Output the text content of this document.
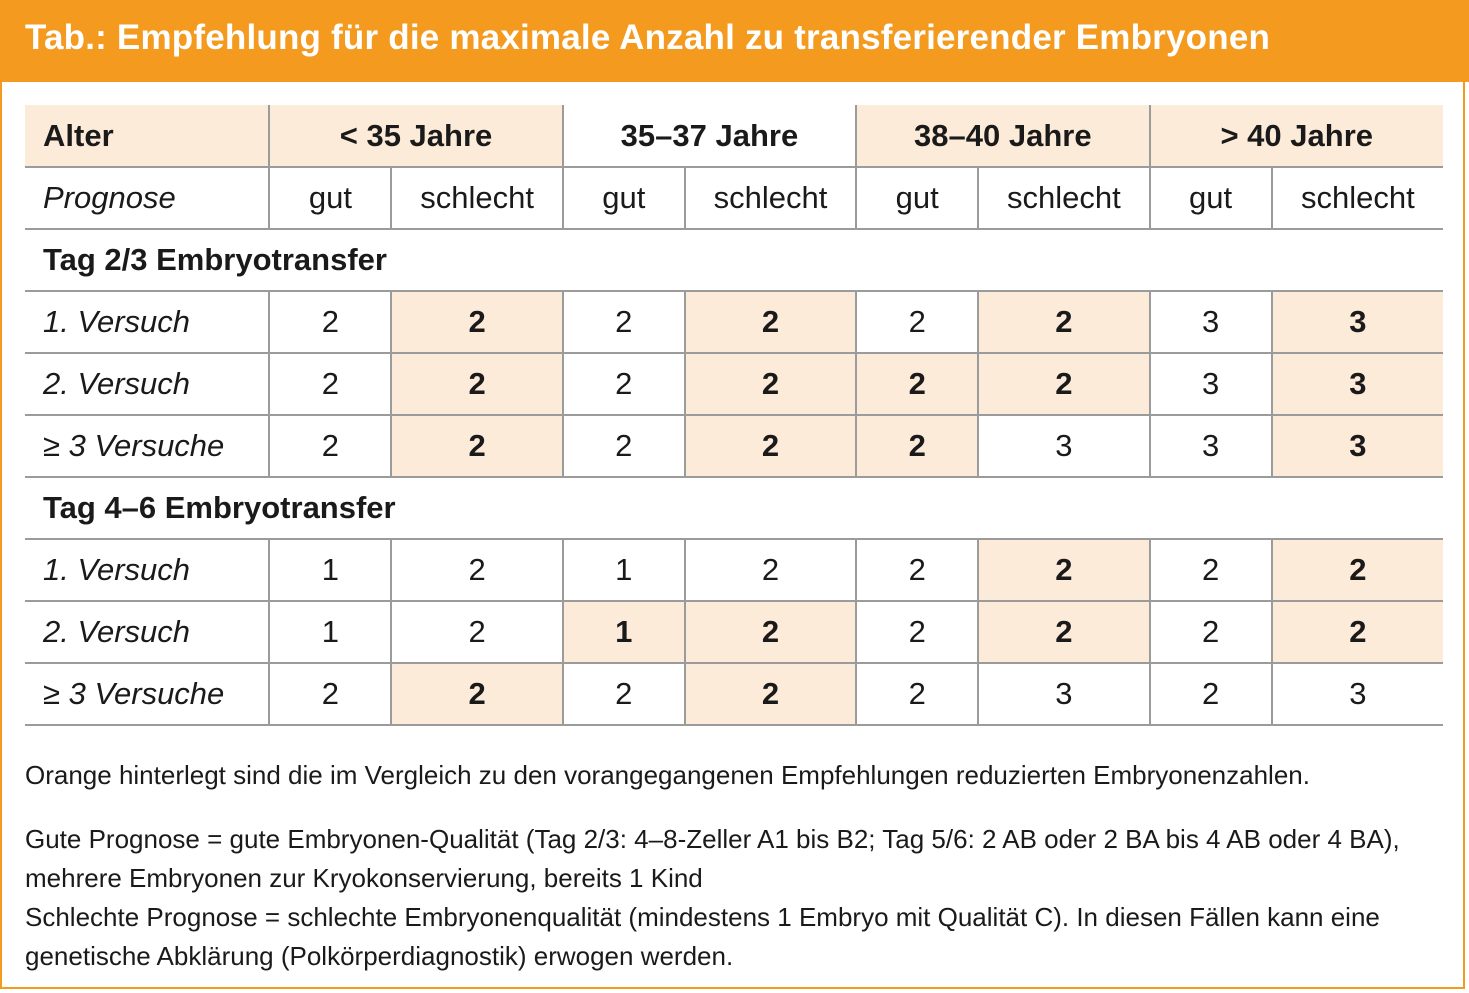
Tab.: Empfehlung für die maximale Anzahl zu transferierender Embryonen
Alter	< 35 Jahre		35–37 Jahre		38–40 Jahre		> 40 Jahre	
Prognose	gut	schlecht	gut	schlecht	gut	schlecht	gut	schlecht
Tag 2/3 Embryotransfer								
1. Versuch	2	2	2	2	2	2	3	3
2. Versuch	2	2	2	2	2	2	3	3
≥ 3 Versuche	2	2	2	2	2	3	3	3
Tag 4–6 Embryotransfer								
1. Versuch	1	2	1	2	2	2	2	2
2. Versuch	1	2	1	2	2	2	2	2
≥ 3 Versuche	2	2	2	2	2	3	2	3

Orange hinterlegt sind die im Vergleich zu den vorangegangenen Empfehlungen reduzierten Embryonenzahlen.

Gute Prognose = gute Embryonen-Qualität (Tag 2/3: 4–8-Zeller A1 bis B2; Tag 5/6: 2 AB oder 2 BA bis 4 AB oder 4 BA), mehrere Embryonen zur Kryokonservierung, bereits 1 Kind

Schlechte Prognose = schlechte Embryonenqualität (mindestens 1 Embryo mit Qualität C). In diesen Fällen kann eine genetische Abklärung (Polkörperdiagnostik) erwogen werden.
